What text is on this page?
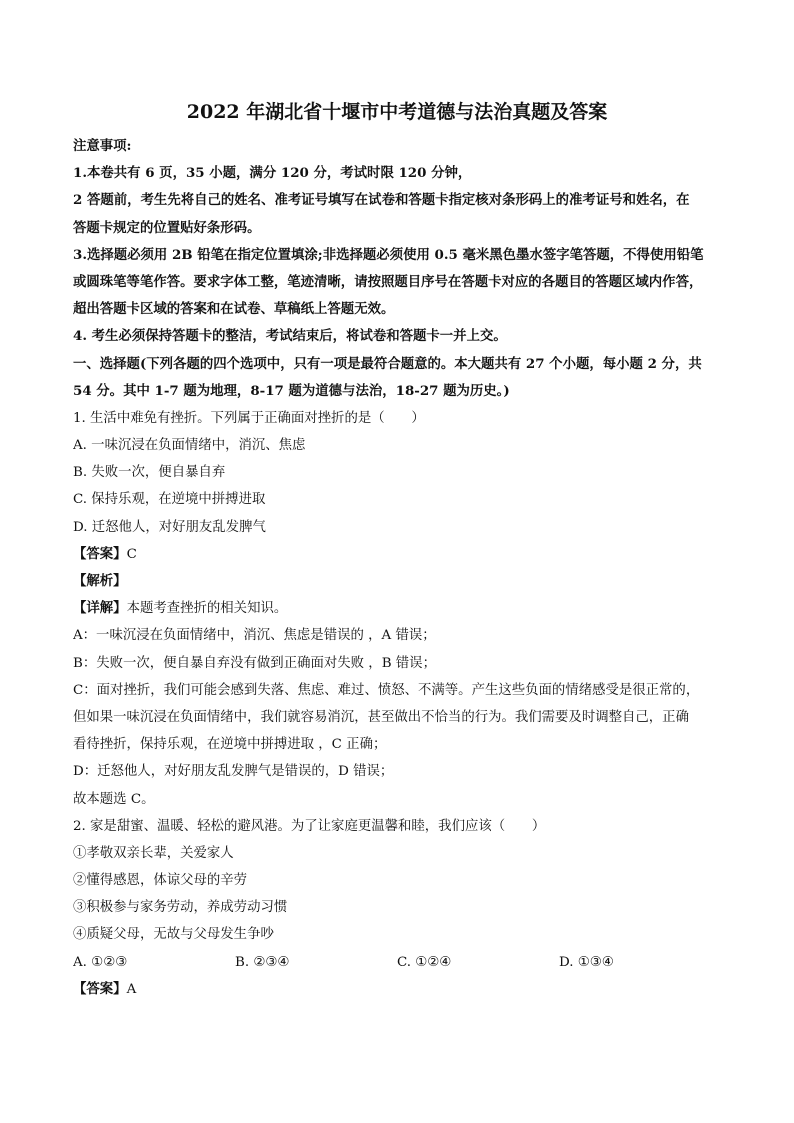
2022 年湖北省十堰市中考道德与法治真题及答案
注意事项:
1.本卷共有 6 页，35 小题，满分 120 分，考试时限 120 分钟，
2 答题前，考生先将自己的姓名、准考证号填写在试卷和答题卡指定核对条形码上的准考证号和姓名，在
答题卡规定的位置贴好条形码。
3.选择题必须用 2B 铅笔在指定位置填涂;非选择题必须使用 0.5 毫米黑色墨水签字笔答题，不得使用铅笔
或圆珠笔等笔作答。要求字体工整，笔迹清晰，请按照题目序号在答题卡对应的各题目的答题区域内作答，
超出答题卡区域的答案和在试卷、草稿纸上答题无效。
4. 考生必须保持答题卡的整洁，考试结束后，将试卷和答题卡一并上交。
一、选择题(下列各题的四个选项中，只有一项是最符合题意的。本大题共有 27 个小题，每小题 2 分，共
54 分。其中 1-7 题为地理，8-17 题为道德与法治，18-27 题为历史。)
1. 生活中难免有挫折。下列属于正确面对挫折的是（　　）
A. 一味沉浸在负面情绪中，消沉、焦虑
B. 失败一次，便自暴自弃
C. 保持乐观，在逆境中拼搏进取
D. 迁怒他人，对好朋友乱发脾气
【答案】C
【解析】
【详解】本题考查挫折的相关知识。
A：一味沉浸在负面情绪中，消沉、焦虑是错误的 ，A 错误；
B：失败一次，便自暴自弃没有做到正确面对失败 ，B 错误；
C：面对挫折，我们可能会感到失落、焦虑、难过、愤怒、不满等。产生这些负面的情绪感受是很正常的，
但如果一味沉浸在负面情绪中，我们就容易消沉，甚至做出不恰当的行为。我们需要及时调整自己，正确
看待挫折，保持乐观，在逆境中拼搏进取 ，C 正确；
D：迁怒他人，对好朋友乱发脾气是错误的，D 错误；
故本题选 C。
2. 家是甜蜜、温暖、轻松的避风港。为了让家庭更温馨和睦，我们应该（　　）
①孝敬双亲长辈，关爱家人
②懂得感恩，体谅父母的辛劳
③积极参与家务劳动，养成劳动习惯
④质疑父母，无故与父母发生争吵
A. ①②③	B. ②③④	C. ①②④	D. ①③④
【答案】A
